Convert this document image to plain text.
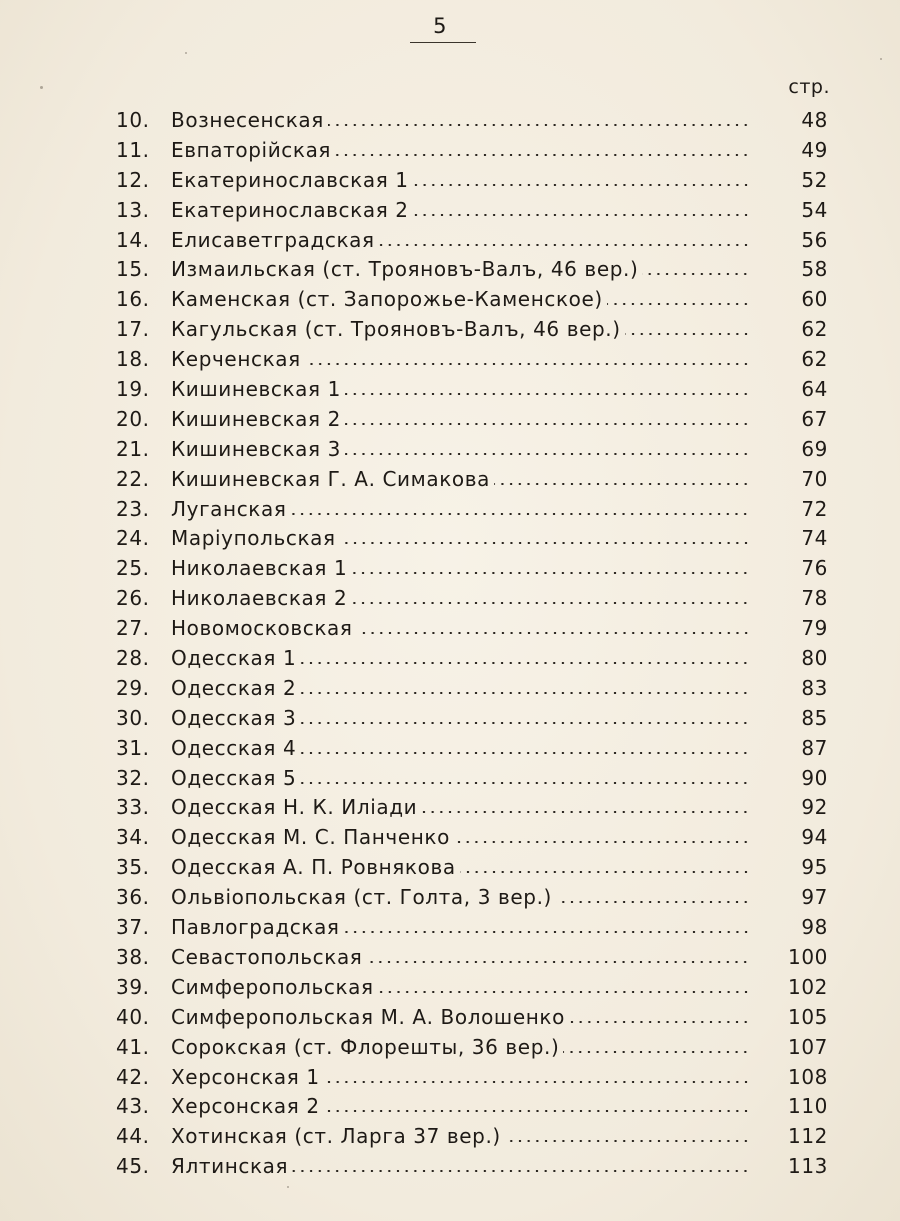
5
стр.
10.	Вознесенская	48
11.	Евпаторійская	49
12.	Екатеринославская 1	52
13.	Екатеринославская 2	54
14.	Елисаветградская	56
15.	Измаильская (ст. Трояновъ-Валъ, 46 вер.)	58
16.	Каменская (ст. Запорожье-Каменское)	60
17.	Кагульская (ст. Трояновъ-Валъ, 46 вер.)	62
18.	Керченская	62
19.	Кишиневская 1	64
20.	Кишиневская 2	67
21.	Кишиневская 3	69
22.	Кишиневская Г. А. Симакова	70
23.	Луганская	72
24.	Маріупольская	74
25.	Николаевская 1	76
26.	Николаевская 2	78
27.	Новомосковская	79
28.	Одесская 1	80
29.	Одесская 2	83
30.	Одесская 3	85
31.	Одесская 4	87
32.	Одесская 5	90
33.	Одесская Н. К. Иліади	92
34.	Одесская М. С. Панченко	94
35.	Одесская А. П. Ровнякова	95
36.	Ольвіопольская (ст. Голта, 3 вер.)	97
37.	Павлоградская	98
38.	Севастопольская	100
39.	Симферопольская	102
40.	Симферопольская М. А. Волошенко	105
41.	Сорокская (ст. Флорешты, 36 вер.)	107
42.	Херсонская 1	108
43.	Херсонская 2	110
44.	Хотинская (ст. Ларга 37 вер.)	112
45.	Ялтинская	113
